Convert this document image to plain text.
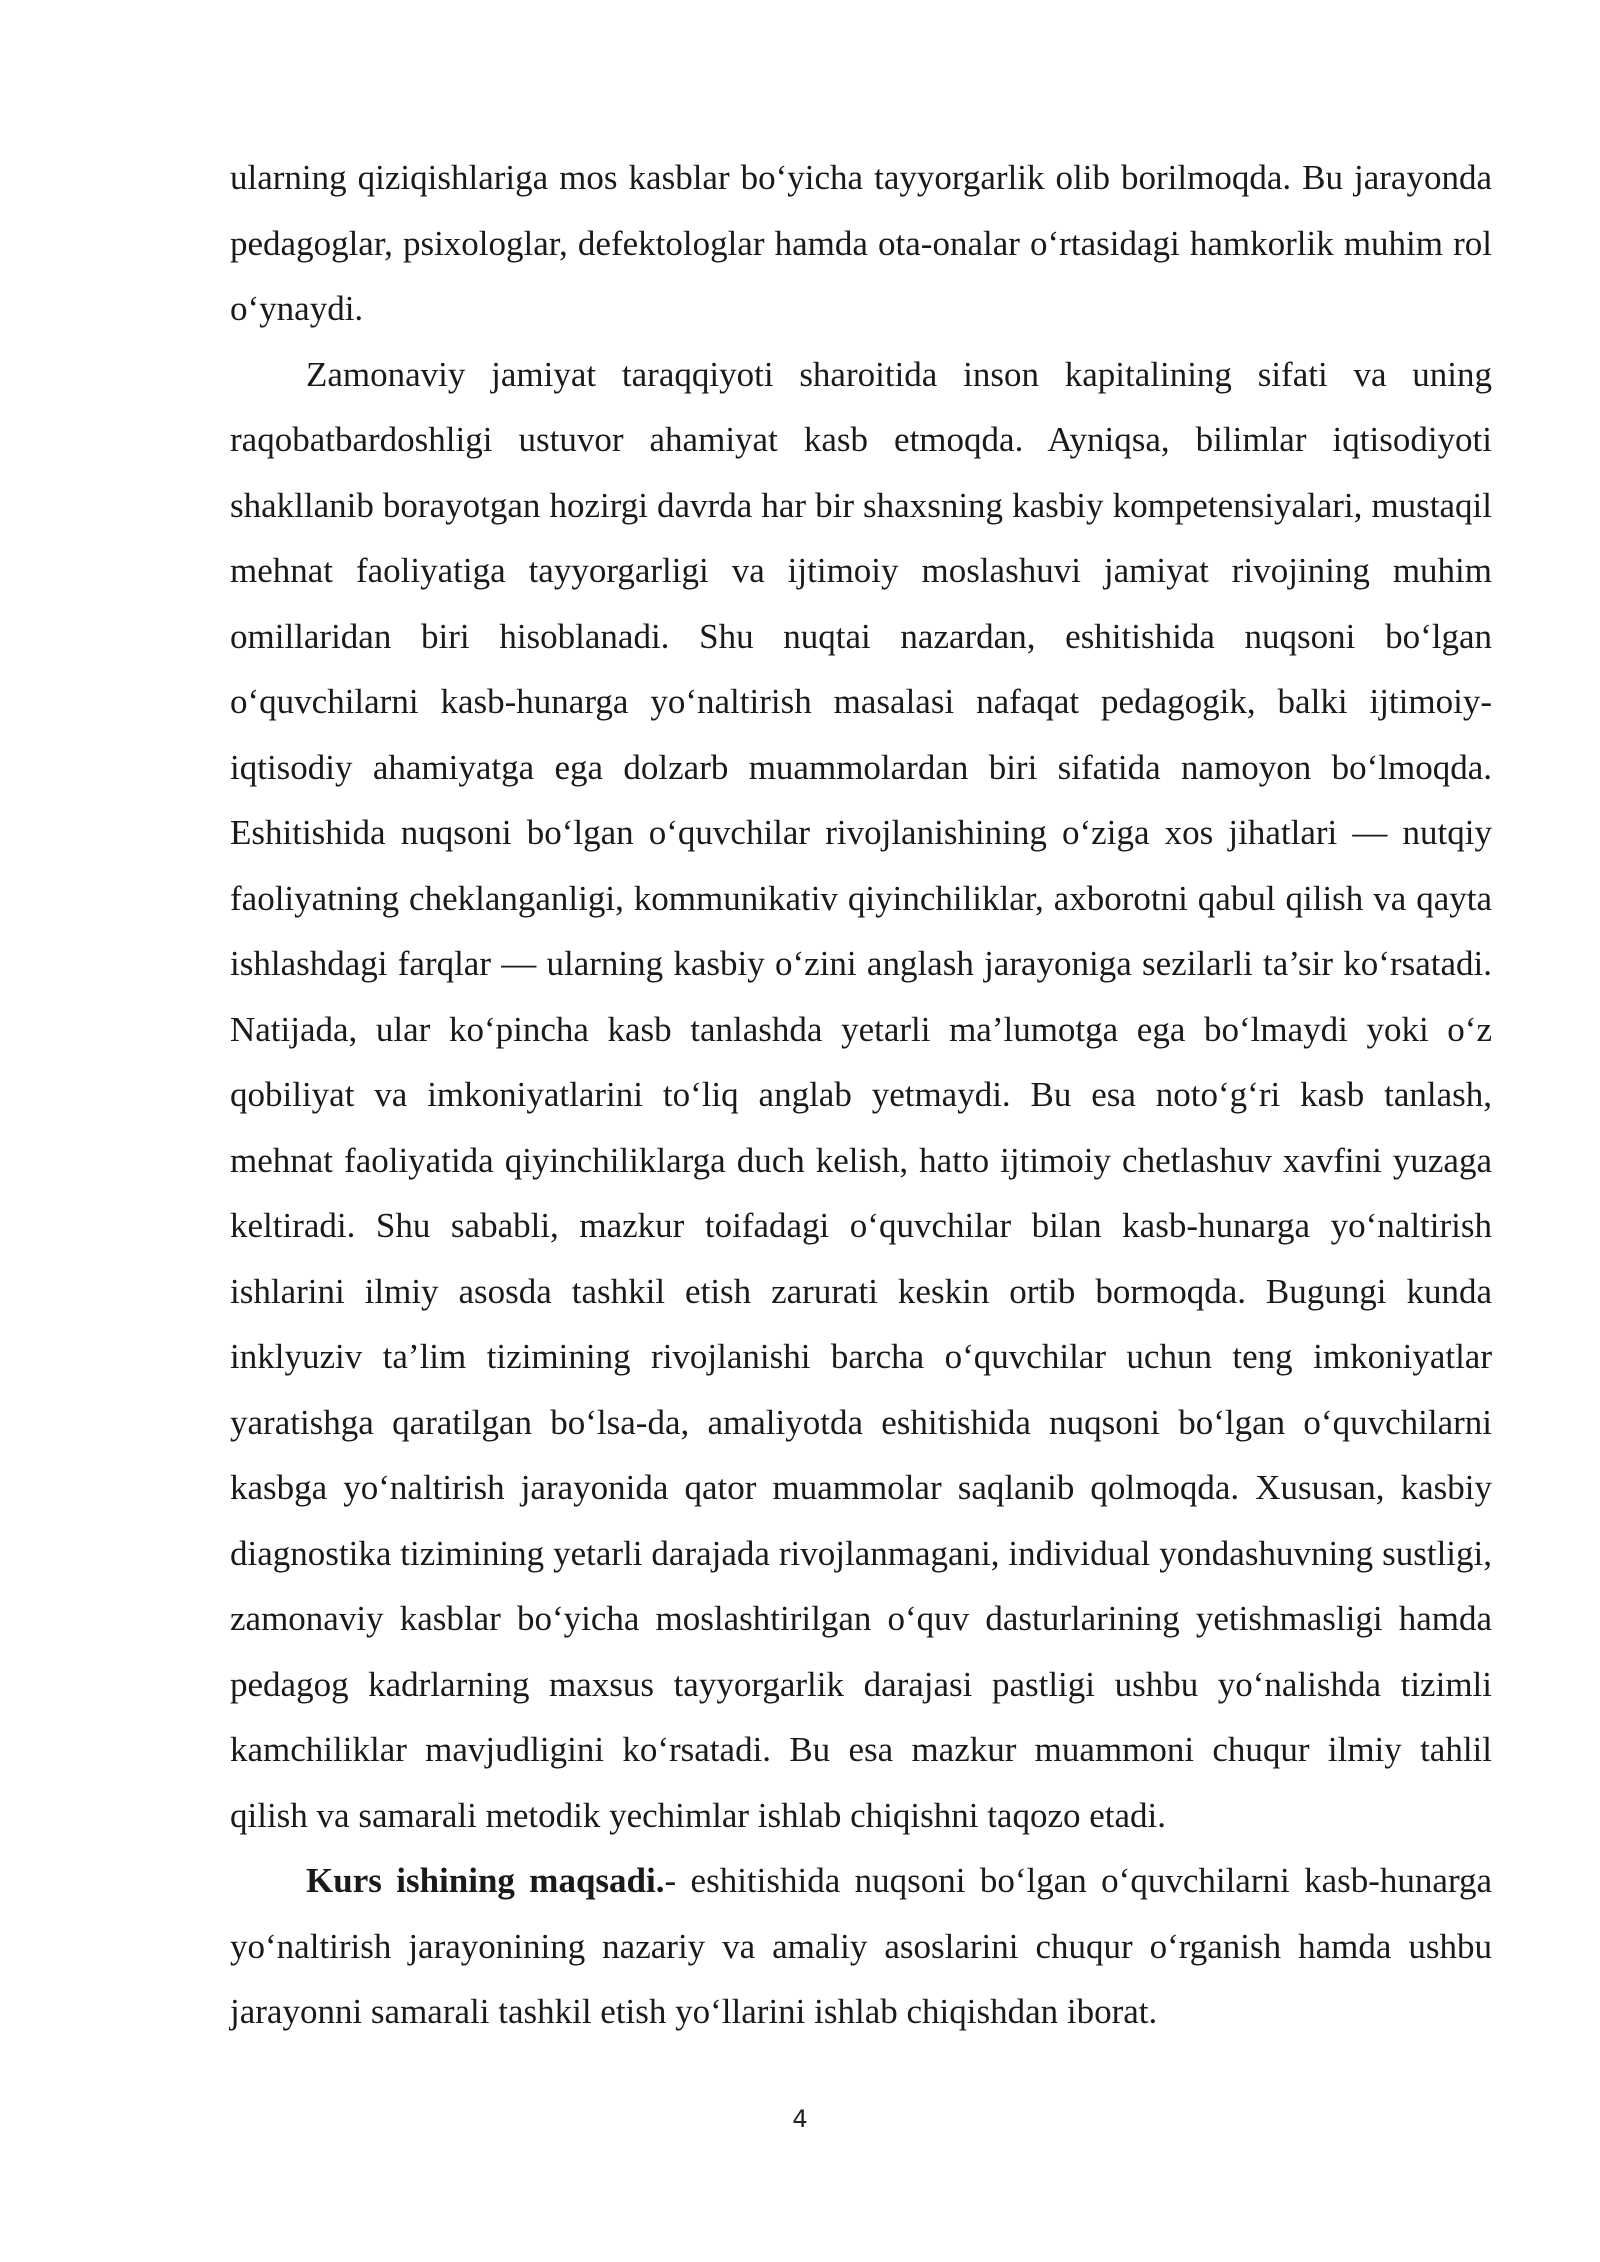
ularning qiziqishlariga mos kasblar bo‘yicha tayyorgarlik olib borilmoqda. Bu jarayonda pedagoglar, psixologlar, defektologlar hamda ota-onalar o‘rtasidagi hamkorlik muhim rol o‘ynaydi.

Zamonaviy jamiyat taraqqiyoti sharoitida inson kapitalining sifati va uning raqobatbardoshligi ustuvor ahamiyat kasb etmoqda. Ayniqsa, bilimlar iqtisodiyoti shakllanib borayotgan hozirgi davrda har bir shaxsning kasbiy kompetensiyalari, mustaqil mehnat faoliyatiga tayyorgarligi va ijtimoiy moslashuvi jamiyat rivojining muhim omillaridan biri hisoblanadi. Shu nuqtai nazardan, eshitishida nuqsoni bo‘lgan o‘quvchilarni kasb-hunarga yo‘naltirish masalasi nafaqat pedagogik, balki ijtimoiy-iqtisodiy ahamiyatga ega dolzarb muammolardan biri sifatida namoyon bo‘lmoqda. Eshitishida nuqsoni bo‘lgan o‘quvchilar rivojlanishining o‘ziga xos jihatlari — nutqiy faoliyatning cheklanganligi, kommunikativ qiyinchiliklar, axborotni qabul qilish va qayta ishlashdagi farqlar — ularning kasbiy o‘zini anglash jarayoniga sezilarli ta’sir ko‘rsatadi. Natijada, ular ko‘pincha kasb tanlashda yetarli ma’lumotga ega bo‘lmaydi yoki o‘z qobiliyat va imkoniyatlarini to‘liq anglab yetmaydi. Bu esa noto‘g‘ri kasb tanlash, mehnat faoliyatida qiyinchiliklarga duch kelish, hatto ijtimoiy chetlashuv xavfini yuzaga keltiradi. Shu sababli, mazkur toifadagi o‘quvchilar bilan kasb-hunarga yo‘naltirish ishlarini ilmiy asosda tashkil etish zarurati keskin ortib bormoqda. Bugungi kunda inklyuziv ta’lim tizimining rivojlanishi barcha o‘quvchilar uchun teng imkoniyatlar yaratishga qaratilgan bo‘lsa-da, amaliyotda eshitishida nuqsoni bo‘lgan o‘quvchilarni kasbga yo‘naltirish jarayonida qator muammolar saqlanib qolmoqda. Xususan, kasbiy diagnostika tizimining yetarli darajada rivojlanmagani, individual yondashuvning sustligi, zamonaviy kasblar bo‘yicha moslashtirilgan o‘quv dasturlarining yetishmasligi hamda pedagog kadrlarning maxsus tayyorgarlik darajasi pastligi ushbu yo‘nalishda tizimli kamchiliklar mavjudligini ko‘rsatadi. Bu esa mazkur muammoni chuqur ilmiy tahlil qilish va samarali metodik yechimlar ishlab chiqishni taqozo etadi.

Kurs ishining maqsadi.- eshitishida nuqsoni bo‘lgan o‘quvchilarni kasb-hunarga yo‘naltirish jarayonining nazariy va amaliy asoslarini chuqur o‘rganish hamda ushbu jarayonni samarali tashkil etish yo‘llarini ishlab chiqishdan iborat.

4
